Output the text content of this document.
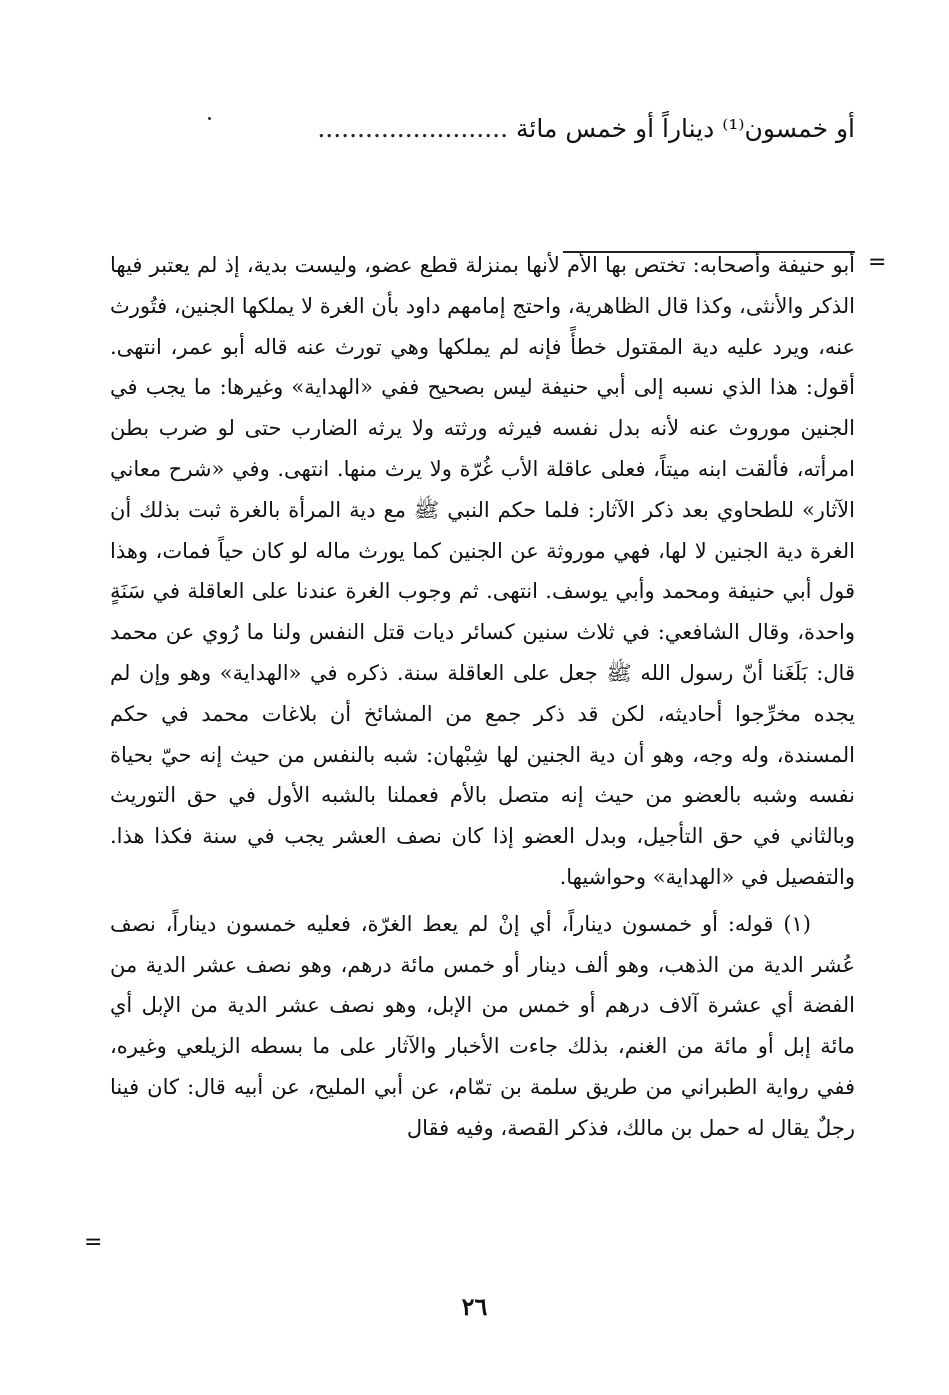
أو خمسون⁽¹⁾ ديناراً أو خمس مائة ........................
=

أبو حنيفة وأصحابه: تختص بها الأم لأنها بمنزلة قطع عضو، وليست بدية، إذ لم يعتبر فيها الذكر والأنثى، وكذا قال الظاهرية، واحتج إمامهم داود بأن الغرة لا يملكها الجنين، فتُورث عنه، ويرد عليه دية المقتول خطأً فإنه لم يملكها وهي تورث عنه قاله أبو عمر، انتهى. أقول: هذا الذي نسبه إلى أبي حنيفة ليس بصحيح ففي «الهداية» وغيرها: ما يجب في الجنين موروث عنه لأنه بدل نفسه فيرثه ورثته ولا يرثه الضارب حتى لو ضرب بطن امرأته، فألقت ابنه ميتاً، فعلى عاقلة الأب غُرّة ولا يرث منها. انتهى. وفي «شرح معاني الآثار» للطحاوي بعد ذكر الآثار: فلما حكم النبي ﷺ مع دية المرأة بالغرة ثبت بذلك أن الغرة دية الجنين لا لها، فهي موروثة عن الجنين كما يورث ماله لو كان حياً فمات، وهذا قول أبي حنيفة ومحمد وأبي يوسف. انتهى. ثم وجوب الغرة عندنا على العاقلة في سَنَةٍ واحدة، وقال الشافعي: في ثلاث سنين كسائر ديات قتل النفس ولنا ما رُوي عن محمد قال: بَلَغَنا أنّ رسول الله ﷺ جعل على العاقلة سنة. ذكره في «الهداية» وهو وإن لم يجده مخرِّجوا أحاديثه، لكن قد ذكر جمع من المشائخ أن بلاغات محمد في حكم المسندة، وله وجه، وهو أن دية الجنين لها شِبْهان: شبه بالنفس من حيث إنه حيّ بحياة نفسه وشبه بالعضو من حيث إنه متصل بالأم فعملنا بالشبه الأول في حق التوريث وبالثاني في حق التأجيل، وبدل العضو إذا كان نصف العشر يجب في سنة فكذا هذا. والتفصيل في «الهداية» وحواشيها.

(١) قوله: أو خمسون ديناراً، أي إنْ لم يعط الغرّة، فعليه خمسون ديناراً، نصف عُشر الدية من الذهب، وهو ألف دينار أو خمس مائة درهم، وهو نصف عشر الدية من الفضة أي عشرة آلاف درهم أو خمس من الإبل، وهو نصف عشر الدية من الإبل أي مائة إبل أو مائة من الغنم، بذلك جاءت الأخبار والآثار على ما بسطه الزيلعي وغيره، ففي رواية الطبراني من طريق سلمة بن تمّام، عن أبي المليح، عن أبيه قال: كان فينا رجلٌ يقال له حمل بن مالك، فذكر القصة، وفيه فقال

=
٢٦
